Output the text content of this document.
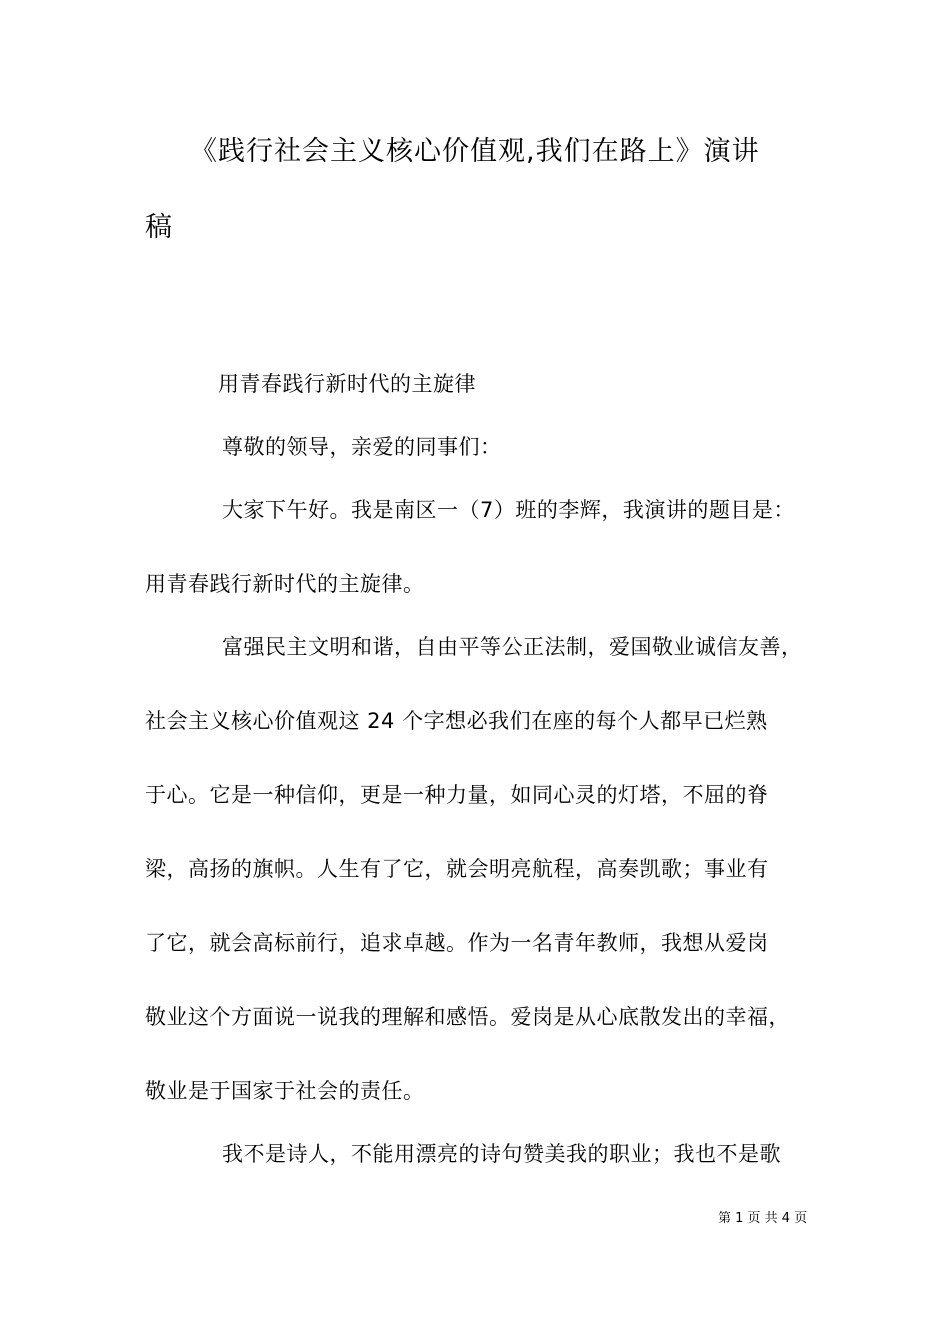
《践行社会主义核心价值观,我们在路上》演讲
稿
用青春践行新时代的主旋律
尊敬的领导，亲爱的同事们：
大家下午好。我是南区一（7）班的李辉，我演讲的题目是：
用青春践行新时代的主旋律。
富强民主文明和谐，自由平等公正法制，爱国敬业诚信友善，
社会主义核心价值观这 24 个字想必我们在座的每个人都早已烂熟
于心。它是一种信仰，更是一种力量，如同心灵的灯塔，不屈的脊
梁，高扬的旗帜。人生有了它，就会明亮航程，高奏凯歌；事业有
了它，就会高标前行，追求卓越。作为一名青年教师，我想从爱岗
敬业这个方面说一说我的理解和感悟。爱岗是从心底散发出的幸福，
敬业是于国家于社会的责任。
我不是诗人，不能用漂亮的诗句赞美我的职业；我也不是歌
第 1 页 共 4 页
